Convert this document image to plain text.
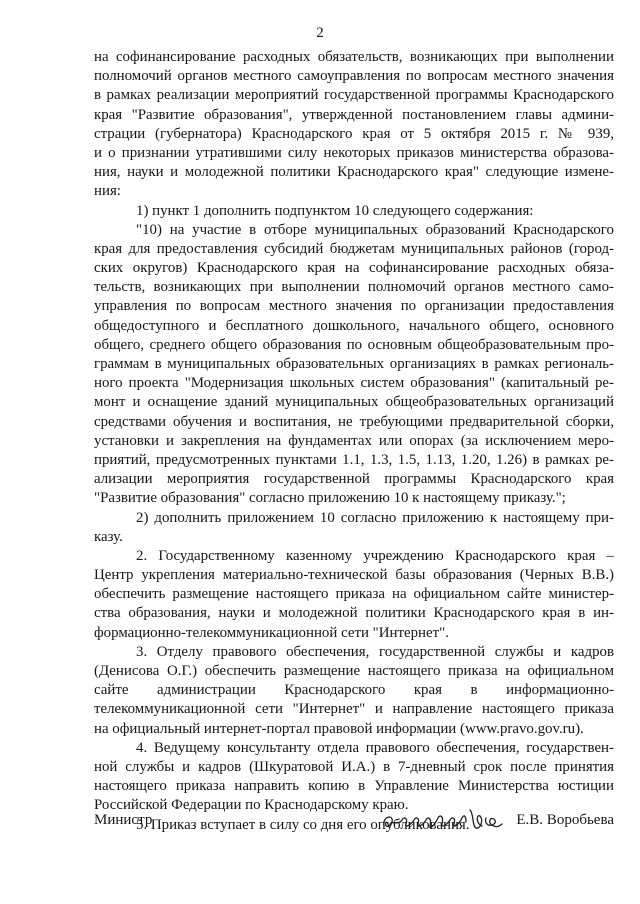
2
на софинансирование расходных обязательств, возникающих при выполнении
полномочий органов местного самоуправления по вопросам местного значения
в рамках реализации мероприятий государственной программы Краснодарского
края "Развитие образования", утвержденной постановлением главы админи-
страции (губернатора) Краснодарского края от 5 октября 2015 г. № 939,
и о признании утратившими силу некоторых приказов министерства образова-
ния, науки и молодежной политики Краснодарского края" следующие измене-
ния:
1) пункт 1 дополнить подпунктом 10 следующего содержания:
"10) на участие в отборе муниципальных образований Краснодарского
края для предоставления субсидий бюджетам муниципальных районов (город-
ских округов) Краснодарского края на софинансирование расходных обяза-
тельств, возникающих при выполнении полномочий органов местного само-
управления по вопросам местного значения по организации предоставления
общедоступного и бесплатного дошкольного, начального общего, основного
общего, среднего общего образования по основным общеобразовательным про-
граммам в муниципальных образовательных организациях в рамках региональ-
ного проекта "Модернизация школьных систем образования" (капитальный ре-
монт и оснащение зданий муниципальных общеобразовательных организаций
средствами обучения и воспитания, не требующими предварительной сборки,
установки и закрепления на фундаментах или опорах (за исключением меро-
приятий, предусмотренных пунктами 1.1, 1.3, 1.5, 1.13, 1.20, 1.26) в рамках ре-
ализации мероприятия государственной программы Краснодарского края
"Развитие образования" согласно приложению 10 к настоящему приказу.";
2) дополнить приложением 10 согласно приложению к настоящему при-
казу.
2. Государственному казенному учреждению Краснодарского края –
Центр укрепления материально-технической базы образования (Черных В.В.)
обеспечить размещение настоящего приказа на официальном сайте министер-
ства образования, науки и молодежной политики Краснодарского края в ин-
формационно-телекоммуникационной сети "Интернет".
3. Отделу правового обеспечения, государственной службы и кадров
(Денисова О.Г.) обеспечить размещение настоящего приказа на официальном
сайте администрации Краснодарского края в информационно-
телекоммуникационной сети "Интернет" и направление настоящего приказа
на официальный интернет-портал правовой информации (www.pravo.gov.ru).
4. Ведущему консультанту отдела правового обеспечения, государствен-
ной службы и кадров (Шкуратовой И.А.) в 7-дневный срок после принятия
настоящего приказа направить копию в Управление Министерства юстиции
Российской Федерации по Краснодарскому краю.
5. Приказ вступает в силу со дня его опубликования.
Министр	Е.В. Воробьева
